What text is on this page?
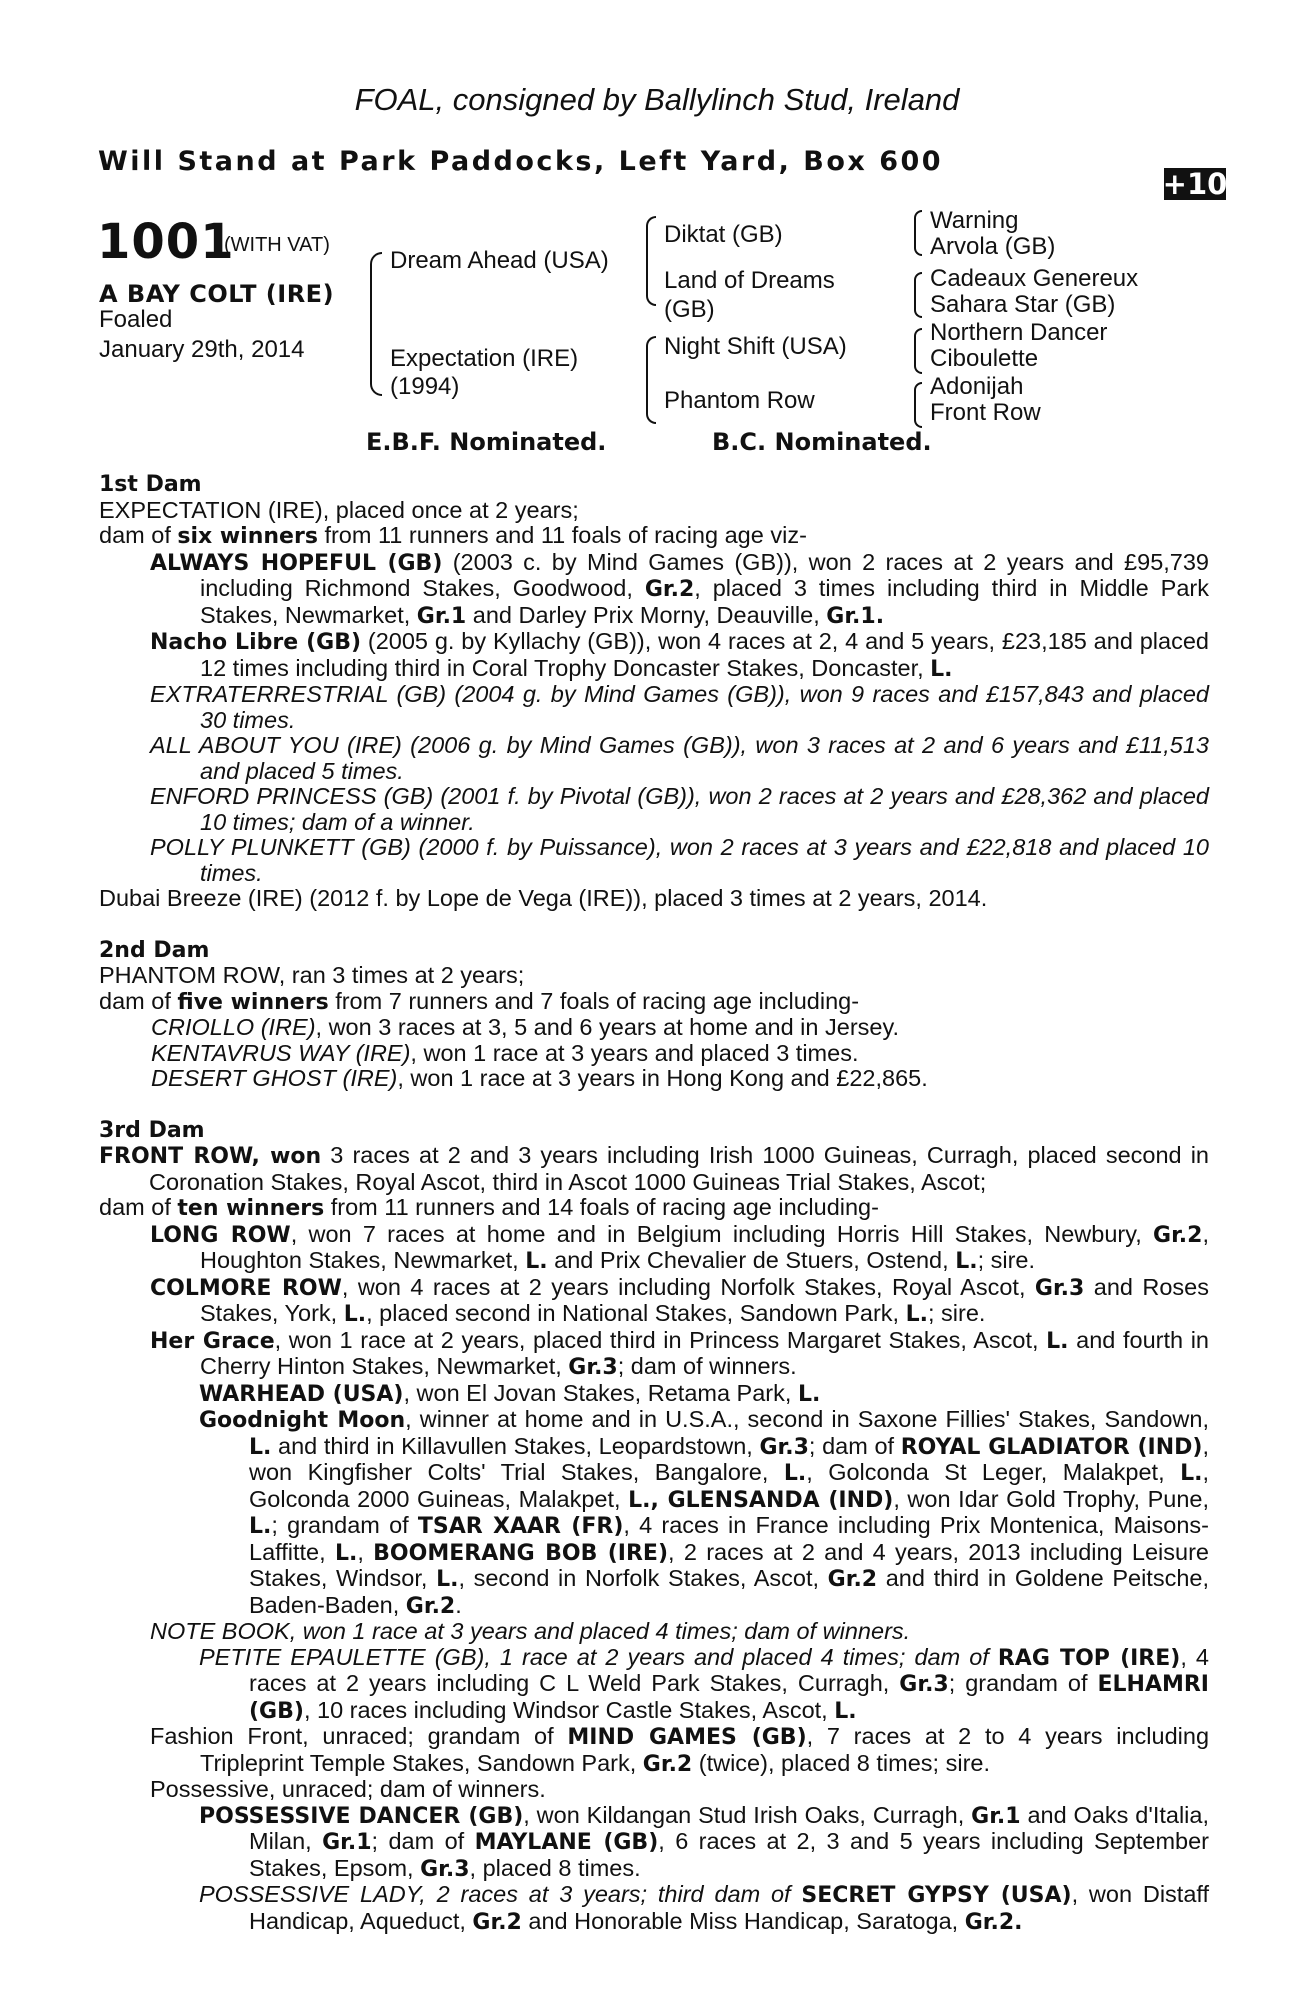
FOAL, consigned by Ballylinch Stud, Ireland
Will Stand at Park Paddocks, Left Yard, Box 600
+10
1001
(WITH VAT)
A BAY COLT (IRE)
Foaled
January 29th, 2014
Dream Ahead (USA)
Expectation (IRE)
(1994)
Diktat (GB)
Land of Dreams
(GB)
Night Shift (USA)
Phantom Row
Warning
Arvola (GB)
Cadeaux Genereux
Sahara Star (GB)
Northern Dancer
Ciboulette
Adonijah
Front Row
E.B.F. Nominated.	B.C. Nominated.

1st Dam

EXPECTATION (IRE), placed once at 2 years;

dam of six winners from 11 runners and 11 foals of racing age viz-

ALWAYS HOPEFUL (GB) (2003 c. by Mind Games (GB)), won 2 races at 2 years and £95,739 including Richmond Stakes, Goodwood, Gr.2, placed 3 times including third in Middle Park Stakes, Newmarket, Gr.1 and Darley Prix Morny, Deauville, Gr.1.

Nacho Libre (GB) (2005 g. by Kyllachy (GB)), won 4 races at 2, 4 and 5 years, £23,185 and placed 12 times including third in Coral Trophy Doncaster Stakes, Doncaster, L.

EXTRATERRESTRIAL (GB) (2004 g. by Mind Games (GB)), won 9 races and £157,843 and placed 30 times.

ALL ABOUT YOU (IRE) (2006 g. by Mind Games (GB)), won 3 races at 2 and 6 years and £11,513 and placed 5 times.

ENFORD PRINCESS (GB) (2001 f. by Pivotal (GB)), won 2 races at 2 years and £28,362 and placed 10 times; dam of a winner.

POLLY PLUNKETT (GB) (2000 f. by Puissance), won 2 races at 3 years and £22,818 and placed 10 times.

Dubai Breeze (IRE) (2012 f. by Lope de Vega (IRE)), placed 3 times at 2 years, 2014.

2nd Dam

PHANTOM ROW, ran 3 times at 2 years;

dam of five winners from 7 runners and 7 foals of racing age including-

CRIOLLO (IRE), won 3 races at 3, 5 and 6 years at home and in Jersey.

KENTAVRUS WAY (IRE), won 1 race at 3 years and placed 3 times.

DESERT GHOST (IRE), won 1 race at 3 years in Hong Kong and £22,865.

3rd Dam

FRONT ROW, won 3 races at 2 and 3 years including Irish 1000 Guineas, Curragh, placed second in Coronation Stakes, Royal Ascot, third in Ascot 1000 Guineas Trial Stakes, Ascot;

dam of ten winners from 11 runners and 14 foals of racing age including-

LONG ROW, won 7 races at home and in Belgium including Horris Hill Stakes, Newbury, Gr.2, Houghton Stakes, Newmarket, L. and Prix Chevalier de Stuers, Ostend, L.; sire.

COLMORE ROW, won 4 races at 2 years including Norfolk Stakes, Royal Ascot, Gr.3 and Roses Stakes, York, L., placed second in National Stakes, Sandown Park, L.; sire.

Her Grace, won 1 race at 2 years, placed third in Princess Margaret Stakes, Ascot, L. and fourth in Cherry Hinton Stakes, Newmarket, Gr.3; dam of winners.

WARHEAD (USA), won El Jovan Stakes, Retama Park, L.

Goodnight Moon, winner at home and in U.S.A., second in Saxone Fillies' Stakes, Sandown, L. and third in Killavullen Stakes, Leopardstown, Gr.3; dam of ROYAL GLADIATOR (IND), won Kingfisher Colts' Trial Stakes, Bangalore, L., Golconda St Leger, Malakpet, L., Golconda 2000 Guineas, Malakpet, L., GLENSANDA (IND), won Idar Gold Trophy, Pune, L.; grandam of TSAR XAAR (FR), 4 races in France including Prix Montenica, Maisons-Laffitte, L., BOOMERANG BOB (IRE), 2 races at 2 and 4 years, 2013 including Leisure Stakes, Windsor, L., second in Norfolk Stakes, Ascot, Gr.2 and third in Goldene Peitsche, Baden-Baden, Gr.2.

NOTE BOOK, won 1 race at 3 years and placed 4 times; dam of winners.

PETITE EPAULETTE (GB), 1 race at 2 years and placed 4 times; dam of RAG TOP (IRE), 4 races at 2 years including C L Weld Park Stakes, Curragh, Gr.3; grandam of ELHAMRI (GB), 10 races including Windsor Castle Stakes, Ascot, L.

Fashion Front, unraced; grandam of MIND GAMES (GB), 7 races at 2 to 4 years including Tripleprint Temple Stakes, Sandown Park, Gr.2 (twice), placed 8 times; sire.

Possessive, unraced; dam of winners.

POSSESSIVE DANCER (GB), won Kildangan Stud Irish Oaks, Curragh, Gr.1 and Oaks d'Italia, Milan, Gr.1; dam of MAYLANE (GB), 6 races at 2, 3 and 5 years including September Stakes, Epsom, Gr.3, placed 8 times.

POSSESSIVE LADY, 2 races at 3 years; third dam of SECRET GYPSY (USA), won Distaff Handicap, Aqueduct, Gr.2 and Honorable Miss Handicap, Saratoga, Gr.2.
